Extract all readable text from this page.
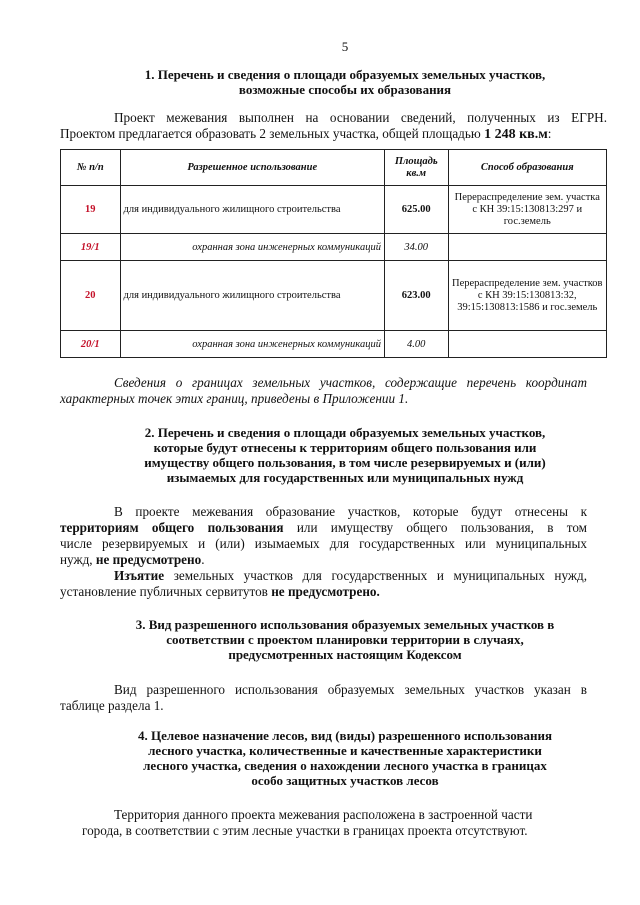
5
1. Перечень и сведения о площади образуемых земельных участков,
возможные способы их образования
Проект межевания выполнен на основании сведений, полученных из ЕГРН.
Проектом предлагается образовать 2 земельных участка, общей площадью 1 248 кв.м:
№ п/п	Разрешенное использование	Площадь кв.м	Способ образования
19	для индивидуального жилищного строительства	625.00	Перераспределение зем. участка с КН 39:15:130813:297 и гос.земель
19/1	охранная зона инженерных коммуникаций	34.00	
20	для индивидуального жилищного строительства	623.00	Перераспределение зем. участков с КН 39:15:130813:32, 39:15:130813:1586 и гос.земель
20/1	охранная зона инженерных коммуникаций	4.00	
Сведения о границах земельных участков, содержащие перечень координат
характерных точек этих границ, приведены в Приложении 1.
2. Перечень и сведения о площади образуемых земельных участков,
которые будут отнесены к территориям общего пользования или
имуществу общего пользования, в том числе резервируемых и (или)
изымаемых для государственных или муниципальных нужд
В проекте межевания образование участков, которые будут отнесены к
территориям общего пользования или имуществу общего пользования, в том
числе резервируемых и (или) изымаемых для государственных или муниципальных
нужд, не предусмотрено.
Изъятие земельных участков для государственных и муниципальных нужд,
установление публичных сервитутов не предусмотрено.
3. Вид разрешенного использования образуемых земельных участков в
соответствии с проектом планировки территории в случаях,
предусмотренных настоящим Кодексом
Вид разрешенного использования образуемых земельных участков указан в
таблице раздела 1.
4. Целевое назначение лесов, вид (виды) разрешенного использования
лесного участка, количественные и качественные характеристики
лесного участка, сведения о нахождении лесного участка в границах
особо защитных участков лесов
Территория данного проекта межевания расположена в застроенной части
города, в соответствии с этим лесные участки в границах проекта отсутствуют.
